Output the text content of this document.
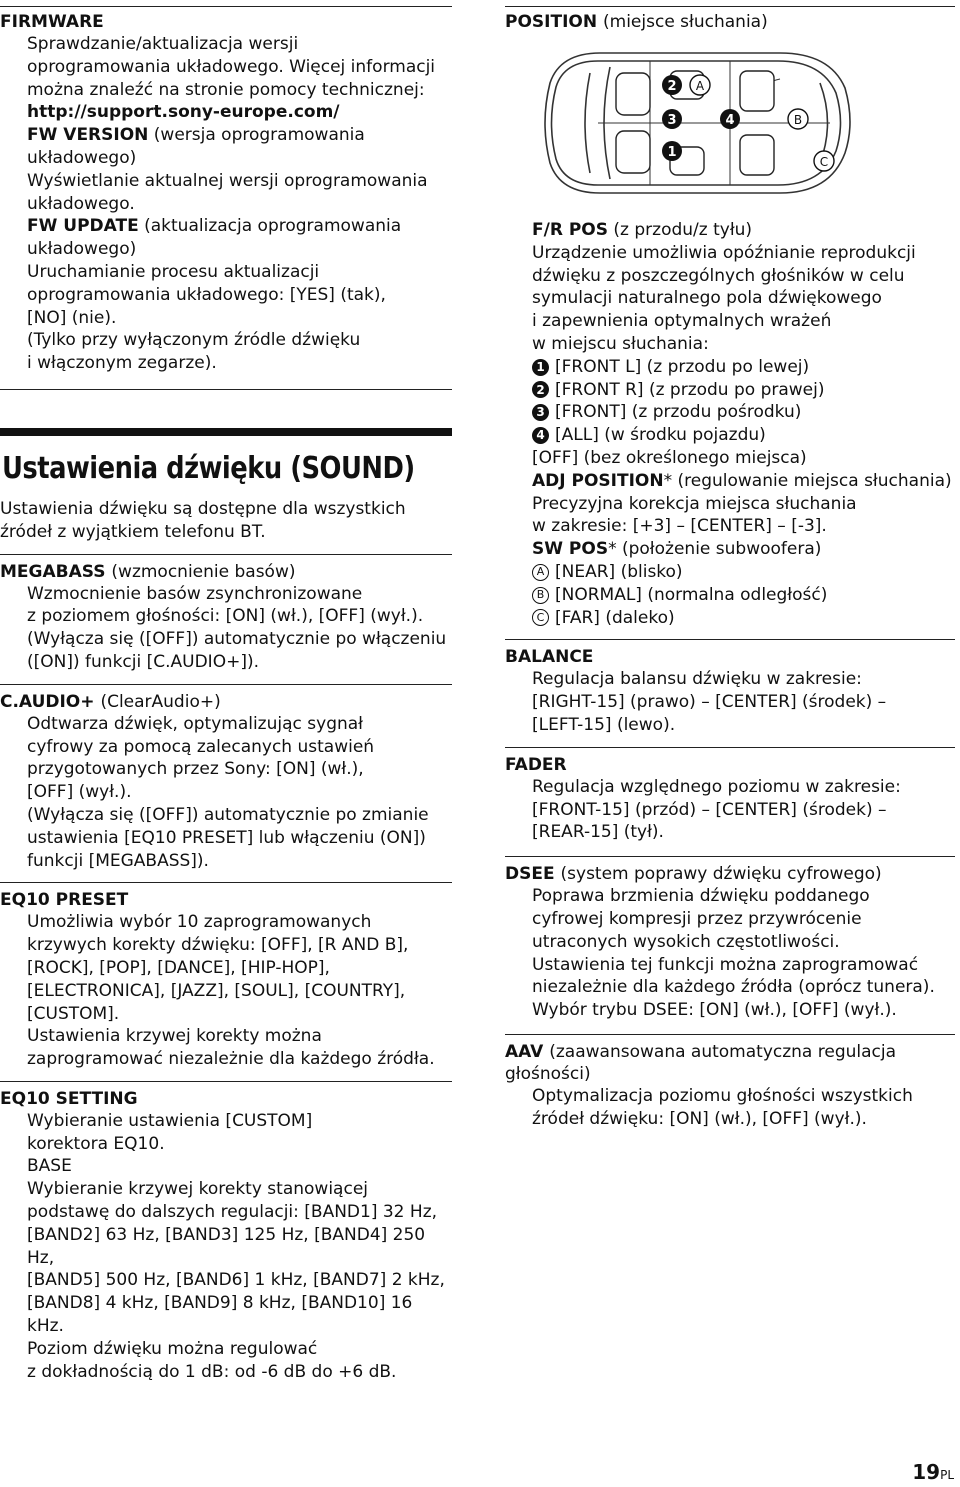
FIRMWARE

Sprawdzanie/aktualizacja wersji
oprogramowania układowego. Więcej informacji
można znaleźć na stronie pomocy technicznej:
http://support.sony-europe.com/
FW VERSION (wersja oprogramowania
układowego)
Wyświetlanie aktualnej wersji oprogramowania
układowego.
FW UPDATE (aktualizacja oprogramowania
układowego)
Uruchamianie procesu aktualizacji
oprogramowania układowego: [YES] (tak),
[NO] (nie).
(Tylko przy wyłączonym źródle dźwięku
i włączonym zegarze).
Ustawienia dźwięku (SOUND)
Ustawienia dźwięku są dostępne dla wszystkich
źródeł z wyjątkiem telefonu BT.

MEGABASS (wzmocnienie basów)

Wzmocnienie basów zsynchronizowane
z poziomem głośności: [ON] (wł.), [OFF] (wył.).
(Wyłącza się ([OFF]) automatycznie po włączeniu
([ON]) funkcji [C.AUDIO+]).

C.AUDIO+ (ClearAudio+)

Odtwarza dźwięk, optymalizując sygnał
cyfrowy za pomocą zalecanych ustawień
przygotowanych przez Sony: [ON] (wł.),
[OFF] (wył.).
(Wyłącza się ([OFF]) automatycznie po zmianie
ustawienia [EQ10 PRESET] lub włączeniu (ON])
funkcji [MEGABASS]).

EQ10 PRESET

Umożliwia wybór 10 zaprogramowanych
krzywych korekty dźwięku: [OFF], [R AND B],
[ROCK], [POP], [DANCE], [HIP-HOP],
[ELECTRONICA], [JAZZ], [SOUL], [COUNTRY],
[CUSTOM].
Ustawienia krzywej korekty można
zaprogramować niezależnie dla każdego źródła.

EQ10 SETTING

Wybieranie ustawienia [CUSTOM]
korektora EQ10.
BASE
Wybieranie krzywej korekty stanowiącej
podstawę do dalszych regulacji: [BAND1] 32 Hz,
[BAND2] 63 Hz, [BAND3] 125 Hz, [BAND4] 250 Hz,
[BAND5] 500 Hz, [BAND6] 1 kHz, [BAND7] 2 kHz,
[BAND8] 4 kHz, [BAND9] 8 kHz, [BAND10] 16 kHz.
Poziom dźwięku można regulować
z dokładnością do 1 dB: od -6 dB do +6 dB.

POSITION (miejsce słuchania)

2 A
3	4	B
1
C
F/R POS (z przodu/z tyłu)
Urządzenie umożliwia opóźnianie reprodukcji
dźwięku z poszczególnych głośników w celu
symulacji naturalnego pola dźwiękowego
i zapewnienia optymalnych wrażeń
w miejscu słuchania:
1 [FRONT L] (z przodu po lewej)
2 [FRONT R] (z przodu po prawej)
3 [FRONT] (z przodu pośrodku)
4 [ALL] (w środku pojazdu)
[OFF] (bez określonego miejsca)
ADJ POSITION* (regulowanie miejsca słuchania)
Precyzyjna korekcja miejsca słuchania
w zakresie: [+3] – [CENTER] – [-3].
SW POS* (położenie subwoofera)
A [NEAR] (blisko)
B [NORMAL] (normalna odległość)
C [FAR] (daleko)

BALANCE

Regulacja balansu dźwięku w zakresie:
[RIGHT-15] (prawo) – [CENTER] (środek) –
[LEFT-15] (lewo).

FADER

Regulacja względnego poziomu w zakresie:
[FRONT-15] (przód) – [CENTER] (środek) –
[REAR-15] (tył).

DSEE (system poprawy dźwięku cyfrowego)

Poprawa brzmienia dźwięku poddanego
cyfrowej kompresji przez przywrócenie
utraconych wysokich częstotliwości.
Ustawienia tej funkcji można zaprogramować
niezależnie dla każdego źródła (oprócz tunera).
Wybór trybu DSEE: [ON] (wł.), [OFF] (wył.).

AAV (zaawansowana automatyczna regulacja

głośności)

Optymalizacja poziomu głośności wszystkich
źródeł dźwięku: [ON] (wł.), [OFF] (wył.).
19PL
